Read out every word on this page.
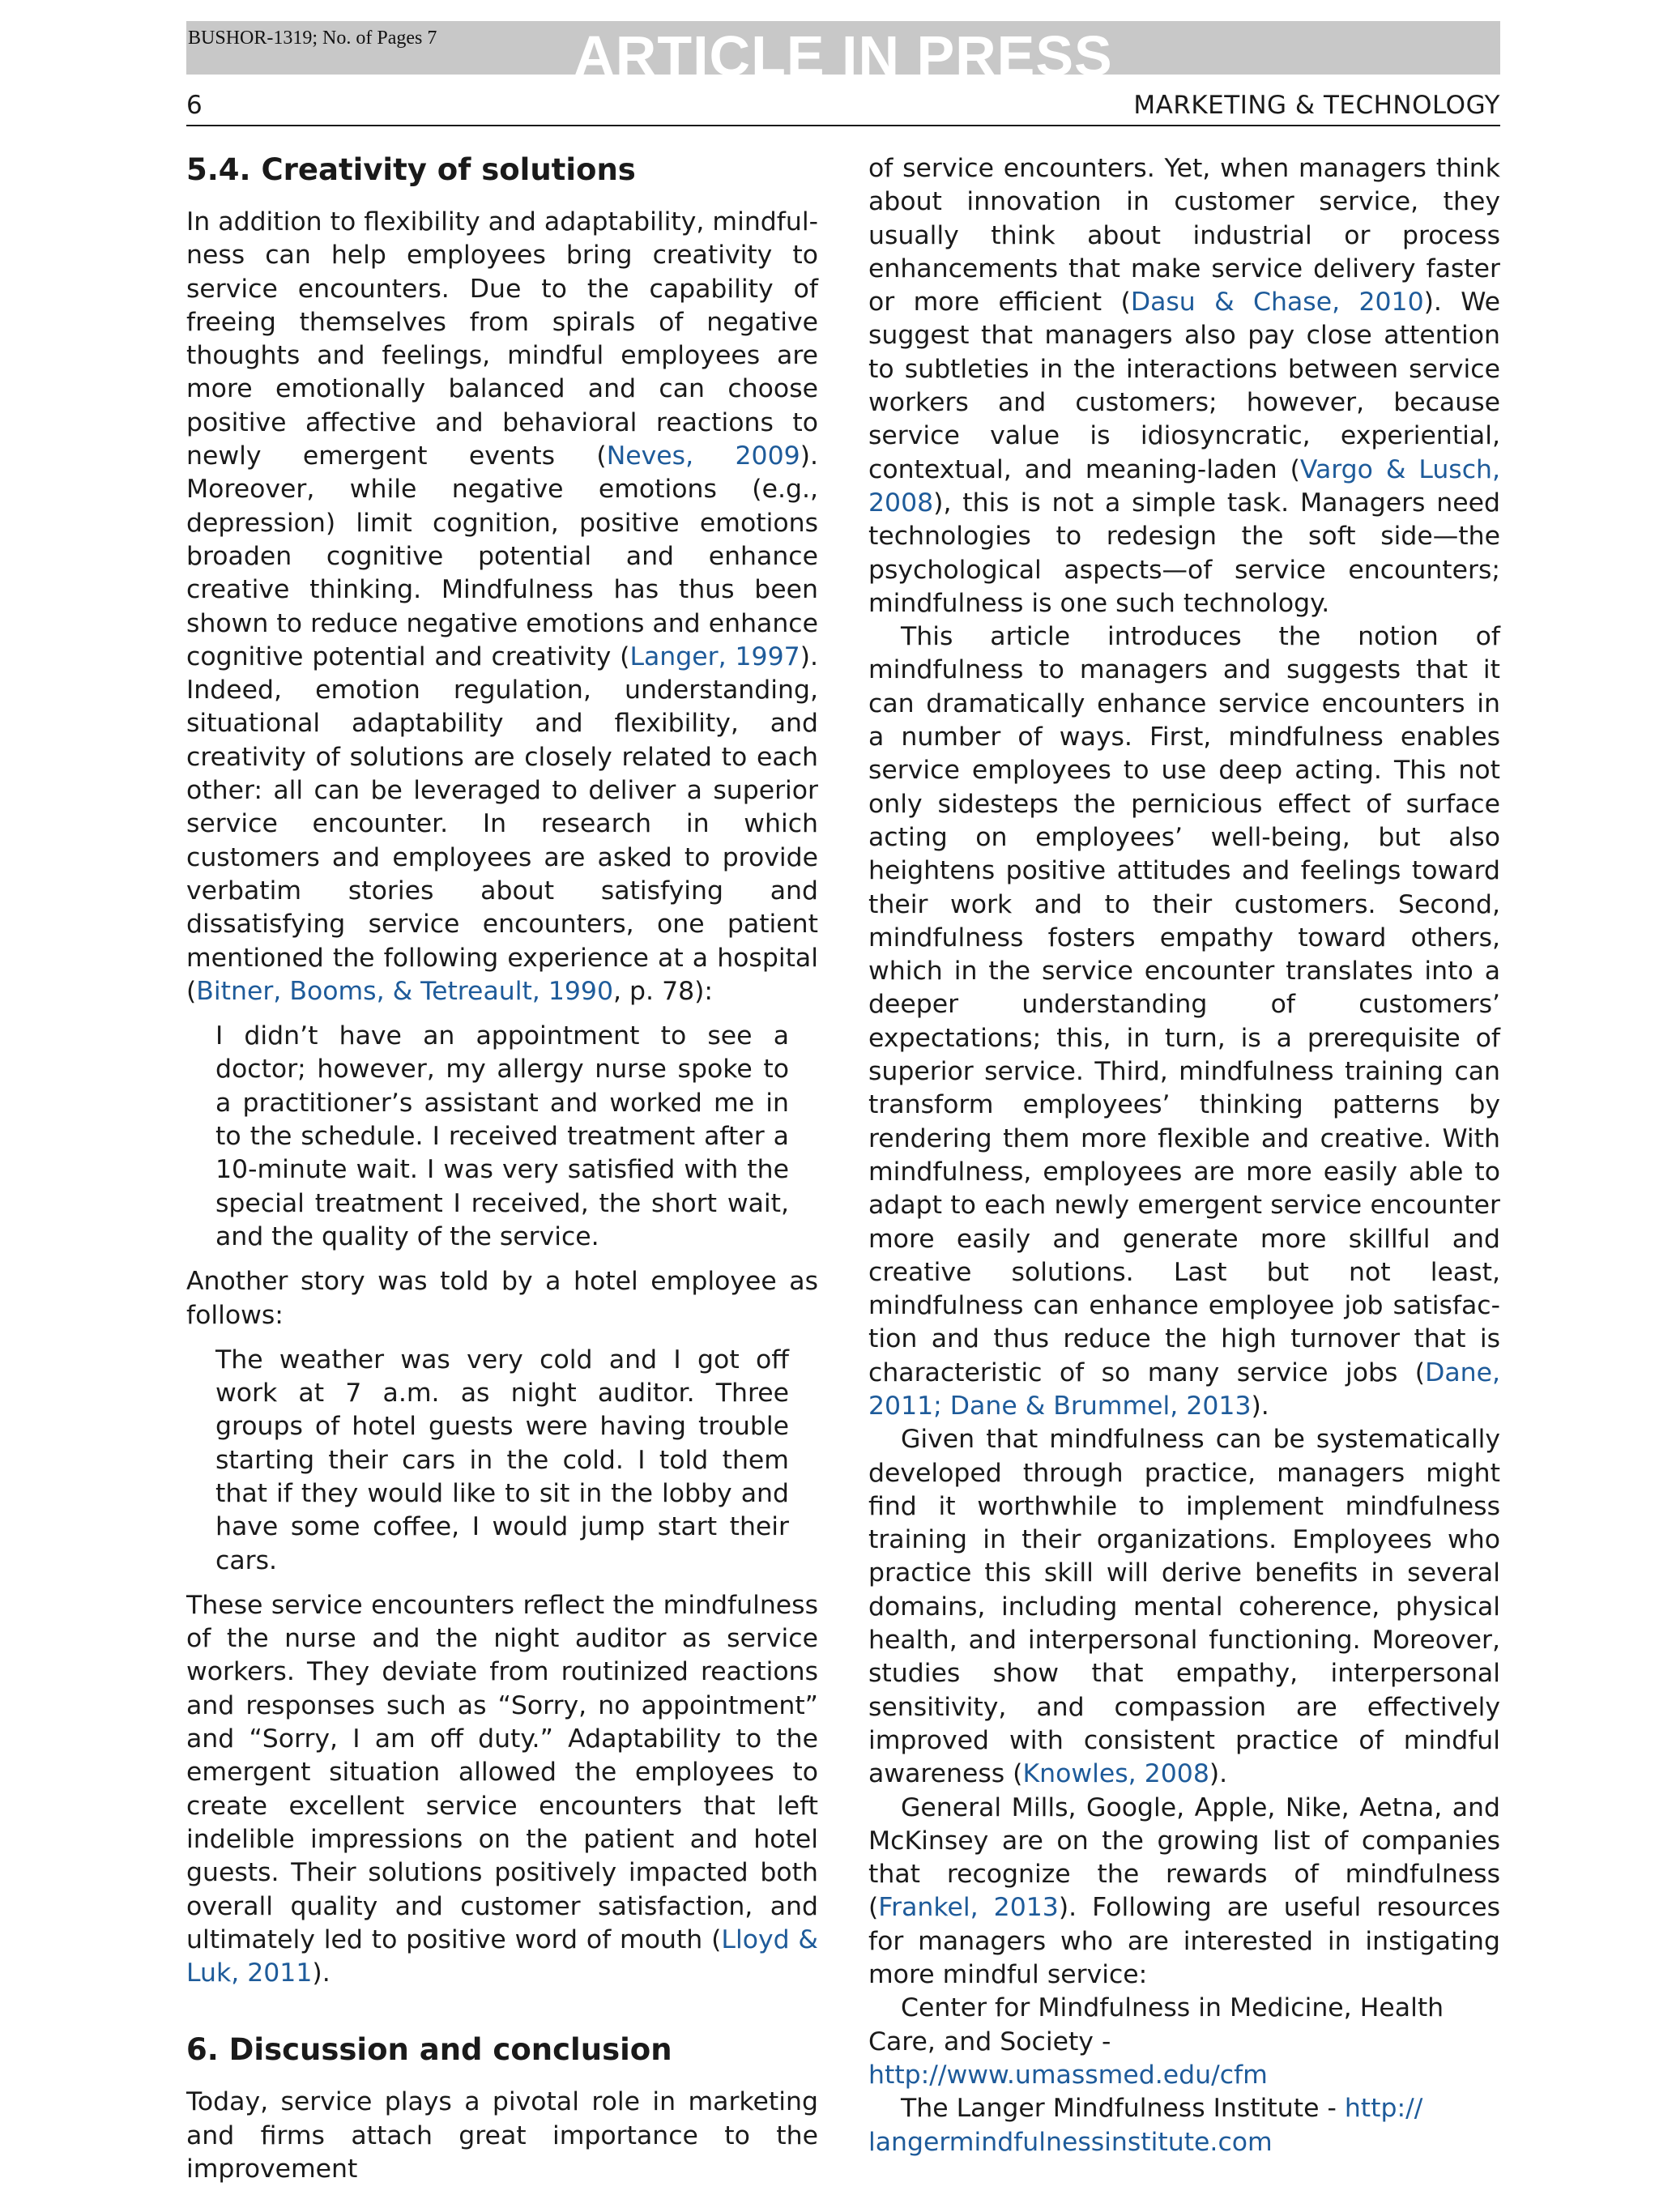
BUSHOR-1319; No. of Pages 7	ARTICLE IN PRESS
6	MARKETING & TECHNOLOGY
5.4. Creativity of solutions

In addition to flexibility and adaptability, mindfulness can help employees bring creativity to service encounters. Due to the capability of freeing themselves from spirals of negative thoughts and feelings, mindful employees are more emotionally balanced and can choose positive affective and behavioral reactions to newly emergent events (Neves, 2009). Moreover, while negative emotions (e.g., depression) limit cognition, positive emotions broaden cognitive potential and enhance creative thinking. Mindfulness has thus been shown to reduce negative emotions and enhance cognitive potential and creativity (Langer, 1997). Indeed, emotion regulation, understanding, situational adaptability and flexibility, and creativity of solutions are closely related to each other: all can be leveraged to deliver a superior service encounter. In research in which customers and employees are asked to provide verbatim stories about satisfying and dissatisfying service encounters, one patient mentioned the following experience at a hospital (Bitner, Booms, & Tetreault, 1990, p. 78):

I didn’t have an appointment to see a doctor; however, my allergy nurse spoke to a practitioner’s assistant and worked me in to the schedule. I received treatment after a 10-minute wait. I was very satisfied with the special treatment I received, the short wait, and the quality of the service.

Another story was told by a hotel employee as follows:

The weather was very cold and I got off work at 7 a.m. as night auditor. Three groups of hotel guests were having trouble starting their cars in the cold. I told them that if they would like to sit in the lobby and have some coffee, I would jump start their cars.

These service encounters reflect the mindfulness of the nurse and the night auditor as service workers. They deviate from routinized reactions and responses such as “Sorry, no appointment” and “Sorry, I am off duty.” Adaptability to the emergent situation allowed the employees to create excellent service encounters that left indelible impressions on the patient and hotel guests. Their solutions positively impacted both overall quality and customer satisfaction, and ultimately led to positive word of mouth (Lloyd & Luk, 2011).

6. Discussion and conclusion

Today, service plays a pivotal role in marketing and firms attach great importance to the improvement

of service encounters. Yet, when managers think about innovation in customer service, they usually think about industrial or process enhancements that make service delivery faster or more efficient (Dasu & Chase, 2010). We suggest that managers also pay close attention to subtleties in the interactions between service workers and customers; however, because service value is idiosyncratic, experiential, contextual, and meaning-laden (Vargo & Lusch, 2008), this is not a simple task. Managers need technologies to redesign the soft side—the psychological aspects—of service encounters; mindfulness is one such technology.

This article introduces the notion of mindfulness to managers and suggests that it can dramatically enhance service encounters in a number of ways. First, mindfulness enables service employees to use deep acting. This not only sidesteps the pernicious effect of surface acting on employees’ well-being, but also heightens positive attitudes and feelings toward their work and to their customers. Second, mindfulness fosters empathy toward others, which in the service encounter translates into a deeper understanding of customers’ expectations; this, in turn, is a prerequisite of superior service. Third, mindfulness training can transform employees’ thinking patterns by rendering them more flexible and creative. With mindfulness, employees are more easily able to adapt to each newly emergent service encounter more easily and generate more skillful and creative solutions. Last but not least, mindfulness can enhance employee job satisfaction and thus reduce the high turnover that is characteristic of so many service jobs (Dane, 2011; Dane & Brummel, 2013).

Given that mindfulness can be systematically developed through practice, managers might find it worthwhile to implement mindfulness training in their organizations. Employees who practice this skill will derive benefits in several domains, including mental coherence, physical health, and interpersonal functioning. Moreover, studies show that empathy, interpersonal sensitivity, and compassion are effectively improved with consistent practice of mindful awareness (Knowles, 2008).

General Mills, Google, Apple, Nike, Aetna, and McKinsey are on the growing list of companies that recognize the rewards of mindfulness (Frankel, 2013). Following are useful resources for managers who are interested in instigating more mindful service:

Center for Mindfulness in Medicine, Health Care, and Society - http://www.umassmed.edu/cfm

The Langer Mindfulness Institute - http:// langermindfulnessinstitute.com
